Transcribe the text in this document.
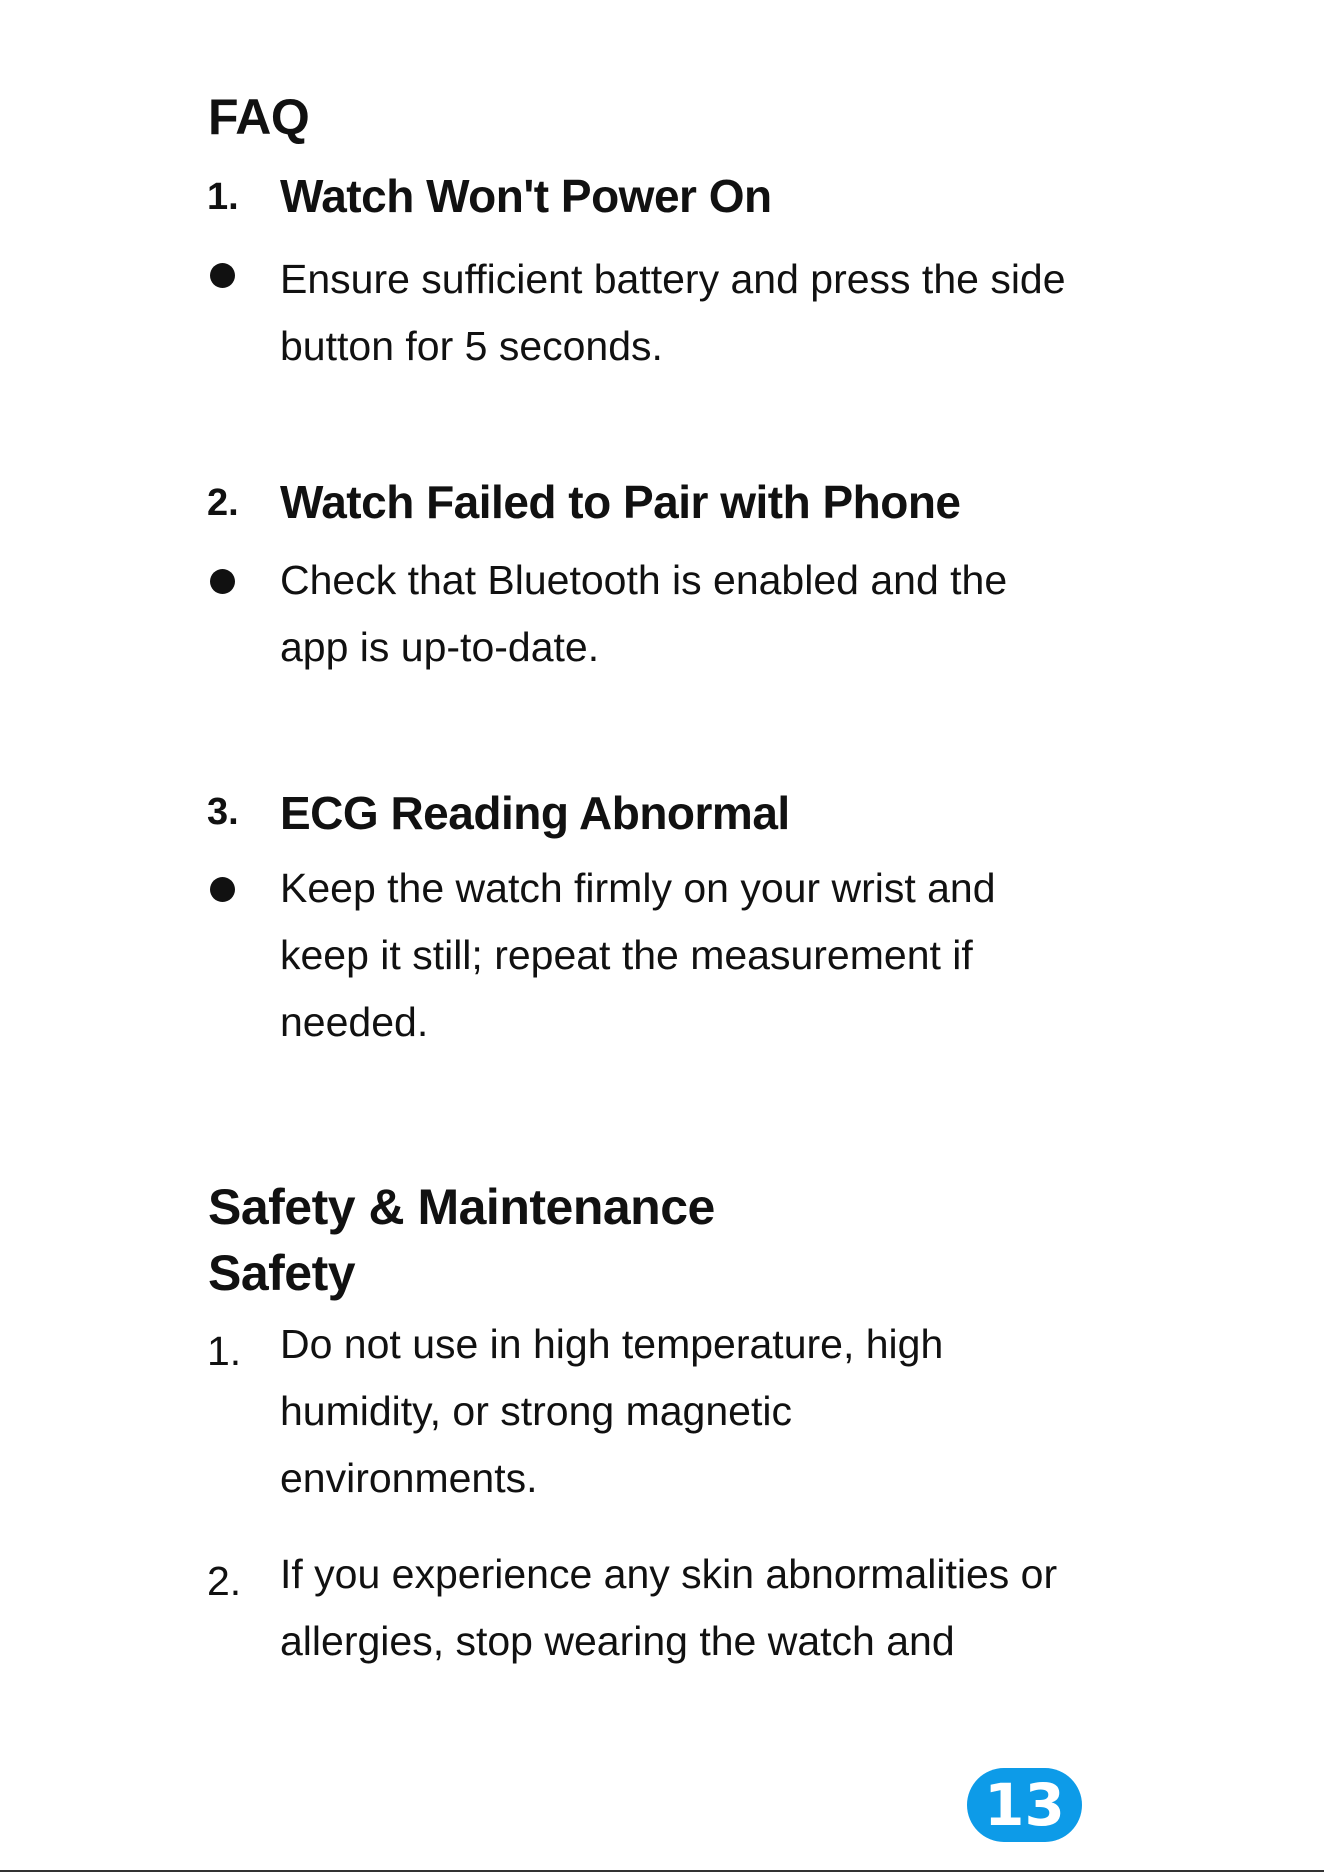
FAQ
1. Watch Won't Power On
Ensure sufficient battery and press the side
button for 5 seconds.
2. Watch Failed to Pair with Phone
Check that Bluetooth is enabled and the
app is up-to-date.
3. ECG Reading Abnormal
Keep the watch firmly on your wrist and
keep it still; repeat the measurement if
needed.
Safety & Maintenance
Safety
1. Do not use in high temperature, high
humidity, or strong magnetic
environments.
2. If you experience any skin abnormalities or
allergies, stop wearing the watch and
13
